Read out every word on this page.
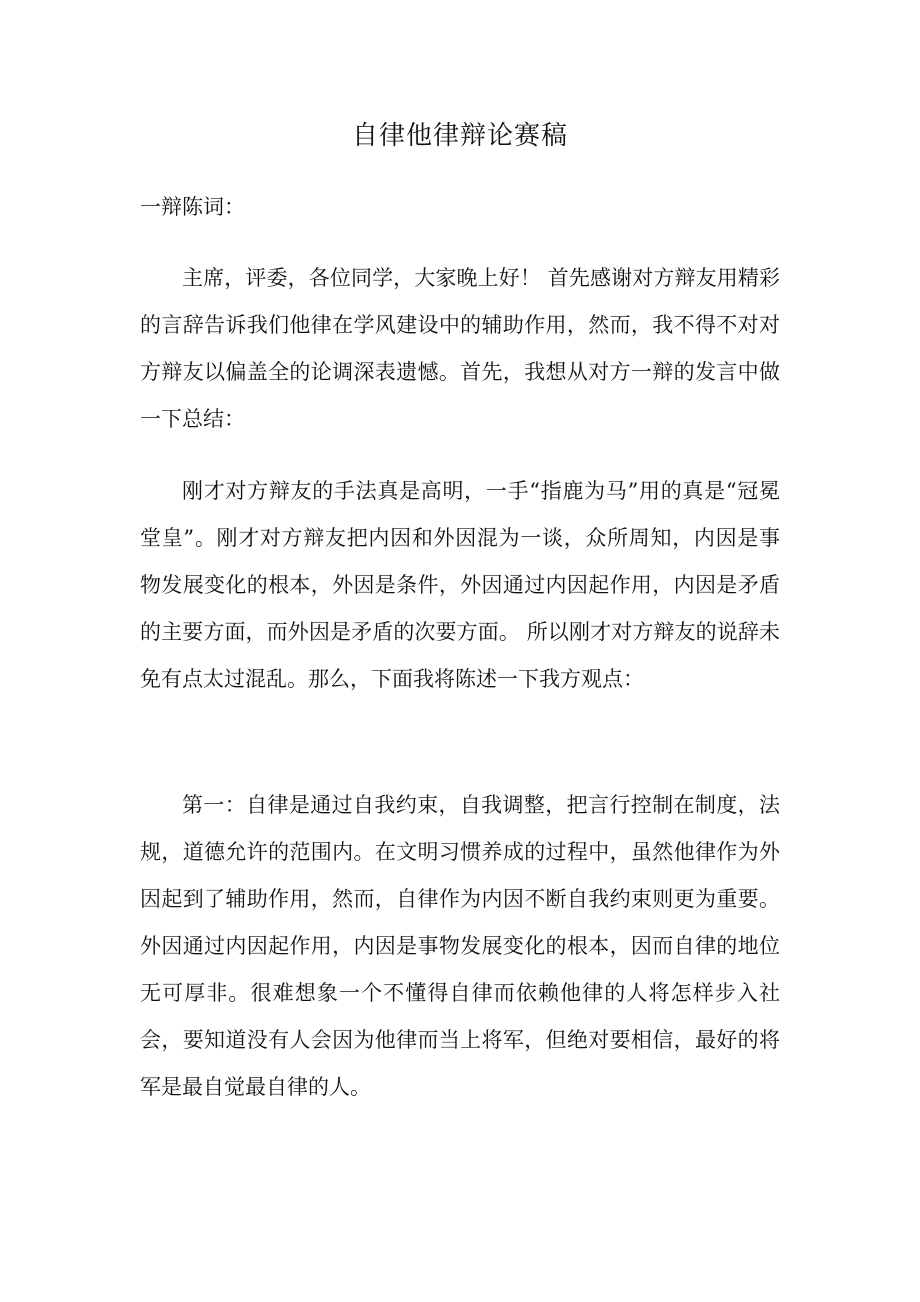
自律他律辩论赛稿
一辩陈词：

主席，评委，各位同学，大家晚上好！ 首先感谢对方辩友用精彩的言辞告诉我们他律在学风建设中的辅助作用，然而，我不得不对对方辩友以偏盖全的论调深表遗憾。首先，我想从对方一辩的发言中做一下总结：

刚才对方辩友的手法真是高明，一手“指鹿为马”用的真是“冠冕堂皇”。刚才对方辩友把内因和外因混为一谈，众所周知，内因是事物发展变化的根本，外因是条件，外因通过内因起作用，内因是矛盾的主要方面，而外因是矛盾的次要方面。 所以刚才对方辩友的说辞未免有点太过混乱。那么，下面我将陈述一下我方观点：

第一：自律是通过自我约束，自我调整，把言行控制在制度，法规，道德允许的范围内。在文明习惯养成的过程中，虽然他律作为外因起到了辅助作用，然而，自律作为内因不断自我约束则更为重要。外因通过内因起作用，内因是事物发展变化的根本，因而自律的地位无可厚非。很难想象一个不懂得自律而依赖他律的人将怎样步入社会，要知道没有人会因为他律而当上将军，但绝对要相信，最好的将军是最自觉最自律的人。
